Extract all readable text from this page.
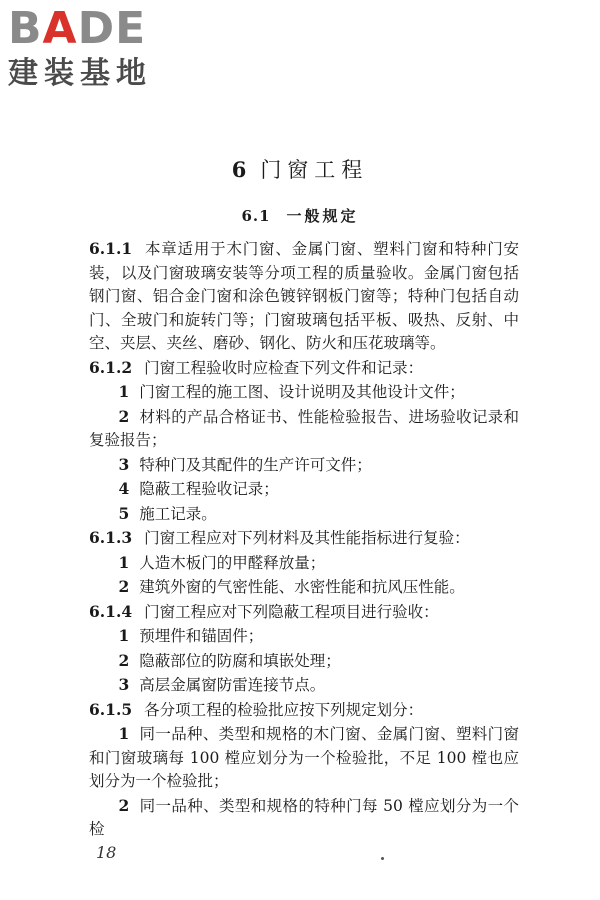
BADE
建装基地
6 门窗工程
6.1 一般规定

6.1.1 本章适用于木门窗、金属门窗、塑料门窗和特种门安装，以及门窗玻璃安装等分项工程的质量验收。金属门窗包括钢门窗、铝合金门窗和涂色镀锌钢板门窗等；特种门包括自动门、全玻门和旋转门等；门窗玻璃包括平板、吸热、反射、中空、夹层、夹丝、磨砂、钢化、防火和压花玻璃等。

6.1.2 门窗工程验收时应检查下列文件和记录：

1 门窗工程的施工图、设计说明及其他设计文件；

2 材料的产品合格证书、性能检验报告、进场验收记录和复验报告；

3 特种门及其配件的生产许可文件；

4 隐蔽工程验收记录；

5 施工记录。

6.1.3 门窗工程应对下列材料及其性能指标进行复验：

1 人造木板门的甲醛释放量；

2 建筑外窗的气密性能、水密性能和抗风压性能。

6.1.4 门窗工程应对下列隐蔽工程项目进行验收：

1 预埋件和锚固件；

2 隐蔽部位的防腐和填嵌处理；

3 高层金属窗防雷连接节点。

6.1.5 各分项工程的检验批应按下列规定划分：

1 同一品种、类型和规格的木门窗、金属门窗、塑料门窗和门窗玻璃每 100 樘应划分为一个检验批，不足 100 樘也应划分为一个检验批；

2 同一品种、类型和规格的特种门每 50 樘应划分为一个检

18
